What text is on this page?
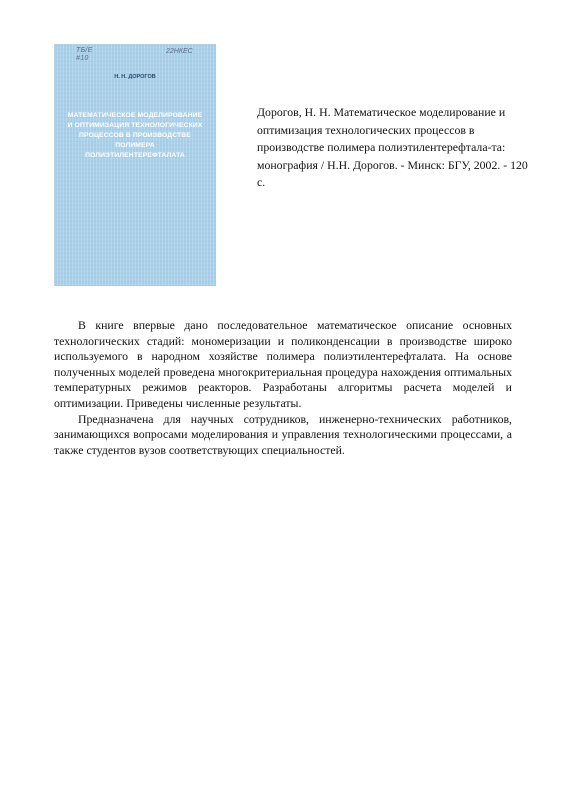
ТБ/Е
#10
22НКЕС
Н. Н. ДОРОГОВ
МАТЕМАТИЧЕСКОЕ МОДЕЛИРОВАНИЕ
И ОПТИМИЗАЦИЯ ТЕХНОЛОГИЧЕСКИХ
ПРОЦЕССОВ В ПРОИЗВОДСТВЕ
ПОЛИМЕРА
ПОЛИЭТИЛЕНТЕРЕФТАЛАТА
Дорогов, Н. Н. Математическое моделирование и оптимизация технологических процессов в производстве полимера полиэтилентерефтала-та: монография / Н.Н. Дорогов. - Минск: БГУ, 2002. - 120 с.

В книге впервые дано последовательное математическое описание основных технологических стадий: мономеризации и поликонденсации в производстве широко используемого в народном хозяйстве полимера полиэтилентерефталата. На основе полученных моделей проведена многокритериальная процедура нахождения оптимальных температурных режимов реакторов. Разработаны алгоритмы расчета моделей и оптимизации. Приведены численные результаты.

Предназначена для научных сотрудников, инженерно-технических работников, занимающихся вопросами моделирования и управления технологическими процессами, а также студентов вузов соответствующих специальностей.
